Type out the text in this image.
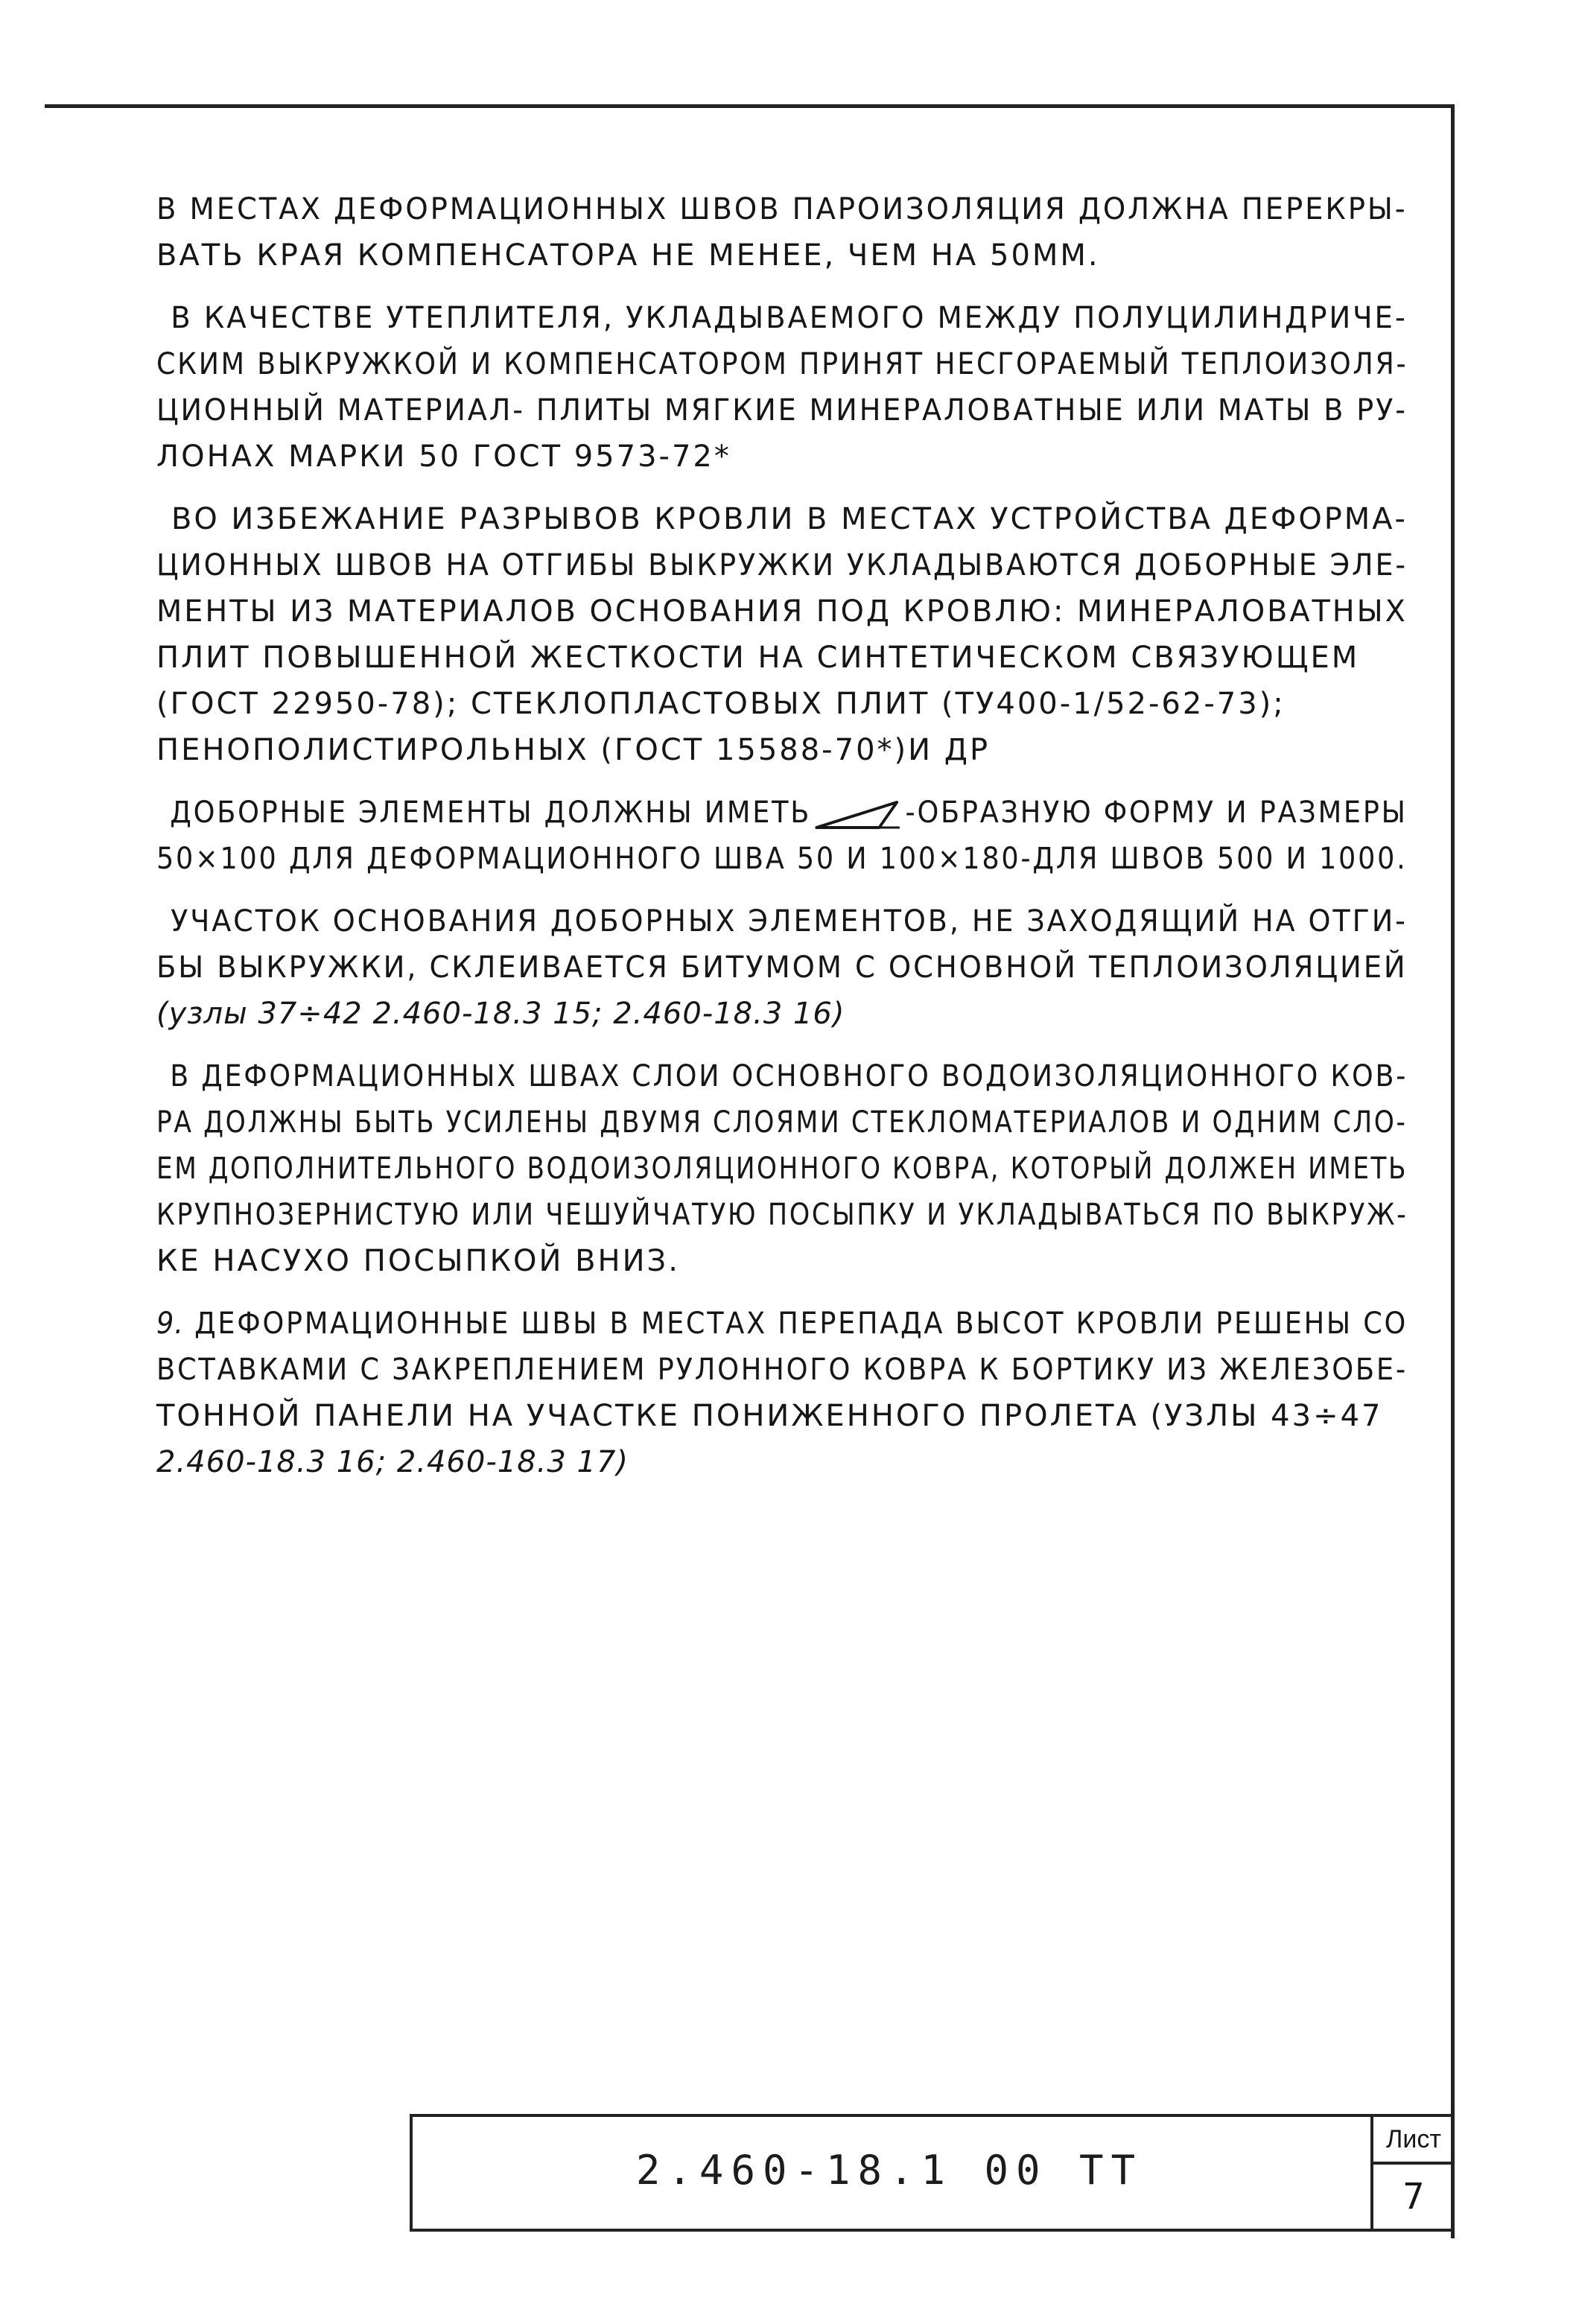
В МЕСТАХ ДЕФОРМАЦИОННЫХ ШВОВ ПАРОИЗОЛЯЦИЯ ДОЛЖНА ПЕРЕКРЫ-
ВАТЬ КРАЯ КОМПЕНСАТОРА НЕ МЕНЕЕ, ЧЕМ НА 50ММ.
В КАЧЕСТВЕ УТЕПЛИТЕЛЯ, УКЛАДЫВАЕМОГО МЕЖДУ ПОЛУЦИЛИНДРИЧЕ-
СКИМ ВЫКРУЖКОЙ И КОМПЕНСАТОРОМ ПРИНЯТ НЕСГОРАЕМЫЙ ТЕПЛОИЗОЛЯ-
ЦИОННЫЙ МАТЕРИАЛ- ПЛИТЫ МЯГКИЕ МИНЕРАЛОВАТНЫЕ ИЛИ МАТЫ В РУ-
ЛОНАХ МАРКИ 50 ГОСТ 9573-72*
ВО ИЗБЕЖАНИЕ РАЗРЫВОВ КРОВЛИ В МЕСТАХ УСТРОЙСТВА ДЕФОРМА-
ЦИОННЫХ ШВОВ НА ОТГИБЫ ВЫКРУЖКИ УКЛАДЫВАЮТСЯ ДОБОРНЫЕ ЭЛЕ-
МЕНТЫ ИЗ МАТЕРИАЛОВ ОСНОВАНИЯ ПОД КРОВЛЮ: МИНЕРАЛОВАТНЫХ
ПЛИТ ПОВЫШЕННОЙ ЖЕСТКОСТИ НА СИНТЕТИЧЕСКОМ СВЯЗУЮЩЕМ
(ГОСТ 22950-78); СТЕКЛОПЛАСТОВЫХ ПЛИТ (ТУ400-1/52-62-73);
ПЕНОПОЛИСТИРОЛЬНЫХ (ГОСТ 15588-70*)И ДР
ДОБОРНЫЕ ЭЛЕМЕНТЫ ДОЛЖНЫ ИМЕТЬ	-ОБРАЗНУЮ ФОРМУ И РАЗМЕРЫ
50×100 ДЛЯ ДЕФОРМАЦИОННОГО ШВА 50 И 100×180-ДЛЯ ШВОВ 500 И 1000.
УЧАСТОК ОСНОВАНИЯ ДОБОРНЫХ ЭЛЕМЕНТОВ, НЕ ЗАХОДЯЩИЙ НА ОТГИ-
БЫ ВЫКРУЖКИ, СКЛЕИВАЕТСЯ БИТУМОМ С ОСНОВНОЙ ТЕПЛОИЗОЛЯЦИЕЙ
(узлы 37÷42 2.460-18.3 15; 2.460-18.3 16)
В ДЕФОРМАЦИОННЫХ ШВАХ СЛОИ ОСНОВНОГО ВОДОИЗОЛЯЦИОННОГО КОВ-
РА ДОЛЖНЫ БЫТЬ УСИЛЕНЫ ДВУМЯ СЛОЯМИ СТЕКЛОМАТЕРИАЛОВ И ОДНИМ СЛО-
ЕМ ДОПОЛНИТЕЛЬНОГО ВОДОИЗОЛЯЦИОННОГО КОВРА, КОТОРЫЙ ДОЛЖЕН ИМЕТЬ
КРУПНОЗЕРНИСТУЮ ИЛИ ЧЕШУЙЧАТУЮ ПОСЫПКУ И УКЛАДЫВАТЬСЯ ПО ВЫКРУЖ-
КЕ НАСУХО ПОСЫПКОЙ ВНИЗ.
9. ДЕФОРМАЦИОННЫЕ ШВЫ В МЕСТАХ ПЕРЕПАДА ВЫСОТ КРОВЛИ РЕШЕНЫ СО
ВСТАВКАМИ С ЗАКРЕПЛЕНИЕМ РУЛОННОГО КОВРА К БОРТИКУ ИЗ ЖЕЛЕЗОБЕ-
ТОННОЙ ПАНЕЛИ НА УЧАСТКЕ ПОНИЖЕННОГО ПРОЛЕТА (УЗЛЫ 43÷47
2.460-18.3 16; 2.460-18.3 17)
2.460-18.1 00 ТТ
Лист
7
